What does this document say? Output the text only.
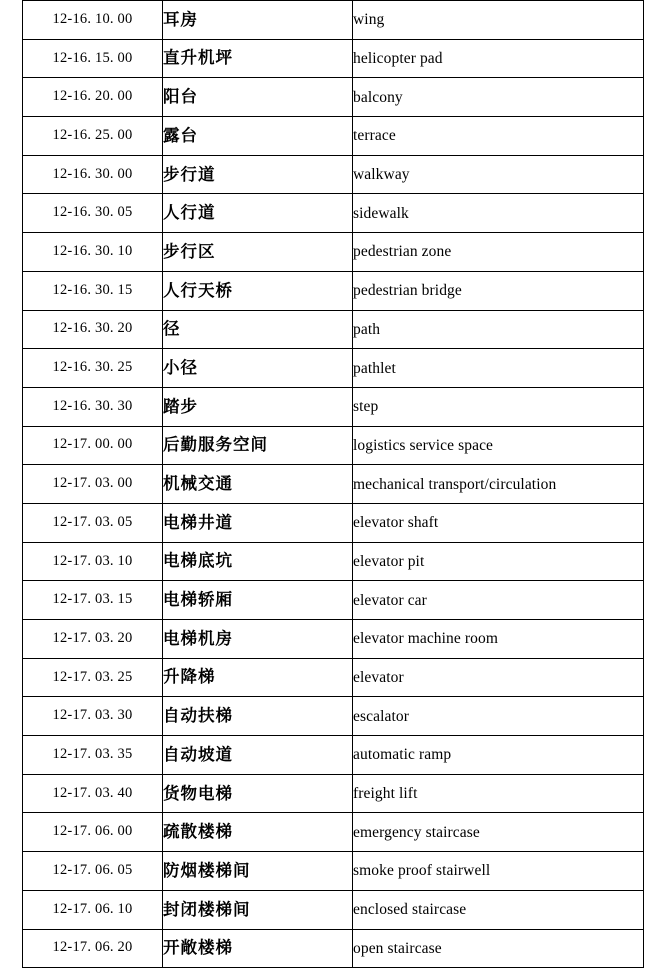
12-16. 10. 00	耳房	wing
12-16. 15. 00	直升机坪	helicopter pad
12-16. 20. 00	阳台	balcony
12-16. 25. 00	露台	terrace
12-16. 30. 00	步行道	walkway
12-16. 30. 05	人行道	sidewalk
12-16. 30. 10	步行区	pedestrian zone
12-16. 30. 15	人行天桥	pedestrian bridge
12-16. 30. 20	径	path
12-16. 30. 25	小径	pathlet
12-16. 30. 30	踏步	step
12-17. 00. 00	后勤服务空间	logistics service space
12-17. 03. 00	机械交通	mechanical transport/circulation
12-17. 03. 05	电梯井道	elevator shaft
12-17. 03. 10	电梯底坑	elevator pit
12-17. 03. 15	电梯轿厢	elevator car
12-17. 03. 20	电梯机房	elevator machine room
12-17. 03. 25	升降梯	elevator
12-17. 03. 30	自动扶梯	escalator
12-17. 03. 35	自动坡道	automatic ramp
12-17. 03. 40	货物电梯	freight lift
12-17. 06. 00	疏散楼梯	emergency staircase
12-17. 06. 05	防烟楼梯间	smoke proof stairwell
12-17. 06. 10	封闭楼梯间	enclosed staircase
12-17. 06. 20	开敞楼梯	open staircase
